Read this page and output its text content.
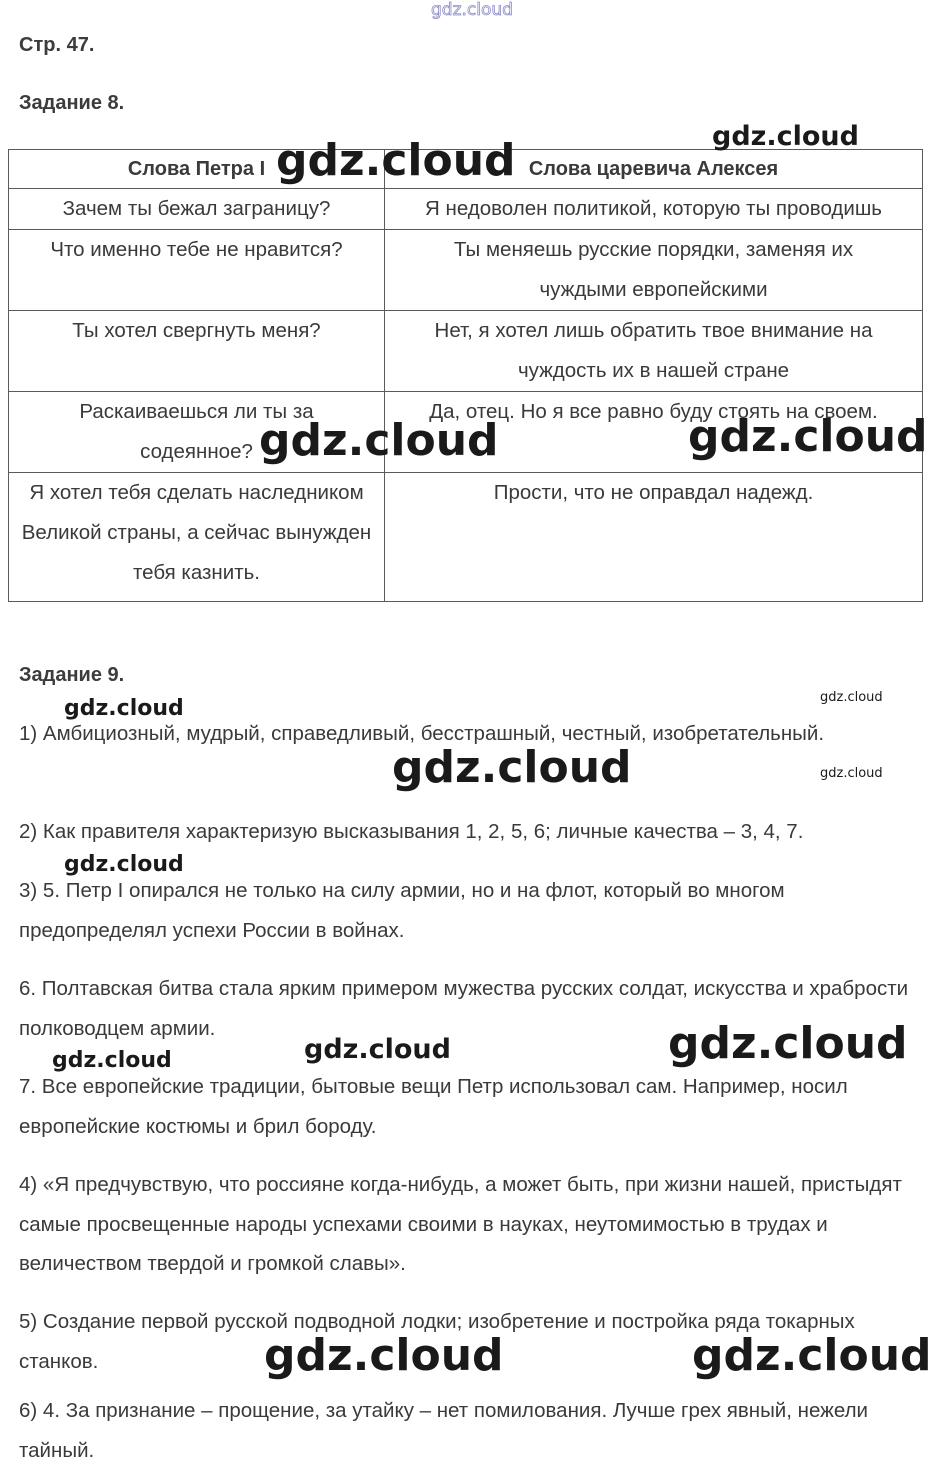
gdz.cloud
Стр. 47.
Задание 8.
Слова Петра I	Слова царевича Алексея
Зачем ты бежал заграницу?	Я недоволен политикой, которую ты проводишь
Что именно тебе не нравится?	Ты меняешь русские порядки, заменяя их чуждыми европейскими
Ты хотел свергнуть меня?	Нет, я хотел лишь обратить твое внимание на чуждость их в нашей стране
Раскаиваешься ли ты за содеянное?	Да, отец. Но я все равно буду стоять на своем.
Я хотел тебя сделать наследником Великой страны, а сейчас вынужден тебя казнить.	Прости, что не оправдал надежд.
Задание 9.

1) Амбициозный, мудрый, справедливый, бесстрашный, честный, изобретательный.

2) Как правителя характеризую высказывания 1, 2, 5, 6; личные качества – 3, 4, 7.

3) 5. Петр I опирался не только на силу армии, но и на флот, который во многом предопределял успехи России в войнах.

6. Полтавская битва стала ярким примером мужества русских солдат, искусства и храбрости полководцем армии.

7. Все европейские традиции, бытовые вещи Петр использовал сам. Например, носил европейские костюмы и брил бороду.

4) «Я предчувствую, что россияне когда-нибудь, а может быть, при жизни нашей, пристыдят самые просвещенные народы успехами своими в науках, неутомимостью в трудах и величеством твердой и громкой славы».

5) Создание первой русской подводной лодки; изобретение и постройка ряда токарных станков.

6) 4. За признание – прощение, за утайку – нет помилования. Лучше грех явный, нежели тайный.

gdz.cloud
gdz.cloud
gdz.cloud
gdz.cloud
gdz.cloud
gdz.cloud
gdz.cloud	gdz.cloud
gdz.cloud
gdz.cloud
gdz.cloud
gdz.cloud
gdz.cloud	gdz.cloud
